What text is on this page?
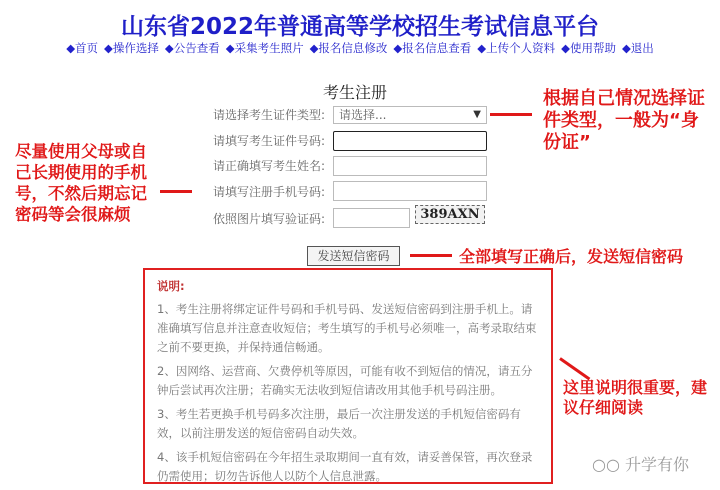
山东省2022年普通高等学校招生考试信息平台
◆首页 ◆操作选择 ◆公告查看 ◆采集考生照片 ◆报名信息修改 ◆报名信息查看 ◆上传个人资料 ◆使用帮助 ◆退出
考生注册
请选择考生证件类型:	请选择...	▼
请填写考生证件号码:
请正确填写考生姓名:
请填写注册手机号码:
依照图片填写验证码:	389AXN
发送短信密码
说明:

1、考生注册将绑定证件号码和手机号码、发送短信密码到注册手机上。请准确填写信息并注意查收短信；考生填写的手机号必须唯一，高考录取结束之前不要更换，并保持通信畅通。

2、因网络、运营商、欠费停机等原因，可能有收不到短信的情况，请五分钟后尝试再次注册；若确实无法收到短信请改用其他手机号码注册。

3、考生若更换手机号码多次注册，最后一次注册发送的手机短信密码有效，以前注册发送的短信密码自动失效。

4、该手机短信密码在今年招生录取期间一直有效，请妥善保管，再次登录仍需使用；切勿告诉他人以防个人信息泄露。

根据自己情况选择证件类型，一般为“身份证”
尽量使用父母或自己长期使用的手机号，不然后期忘记密码等会很麻烦
全部填写正确后，发送短信密码
这里说明很重要，建议仔细阅读
○○ 升学有你
